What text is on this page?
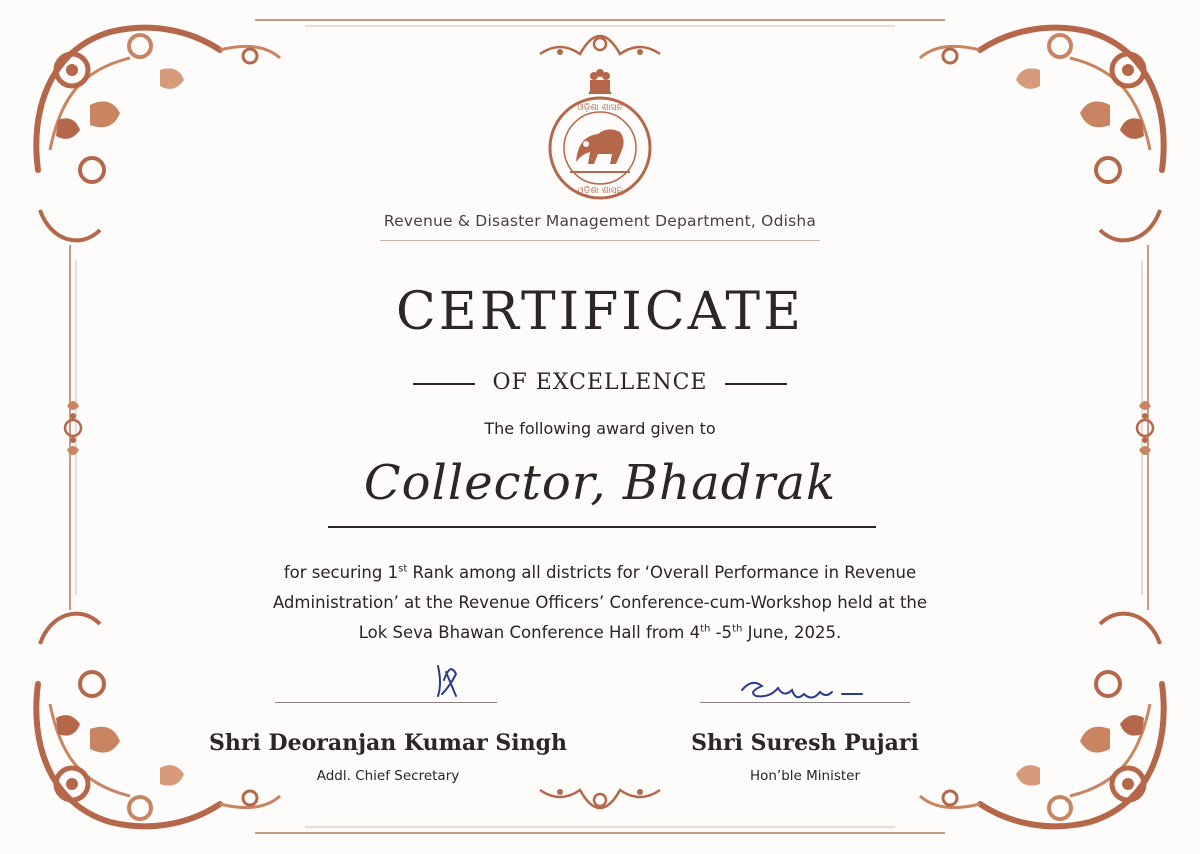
ଓଡ଼ିଶା ଶାସନ
ଓଡ଼ିଶା ଶାସନ
Revenue & Disaster Management Department, Odisha
CERTIFICATE
OF EXCELLENCE
The following award given to
Collector, Bhadrak
for securing 1st Rank among all districts for ‘Overall Performance in Revenue
Administration’ at the Revenue Officers’ Conference-cum-Workshop held at the
Lok Seva Bhawan Conference Hall from 4th -5th June, 2025.
Shri Deoranjan Kumar Singh
Addl. Chief Secretary
Shri Suresh Pujari
Hon’ble Minister
